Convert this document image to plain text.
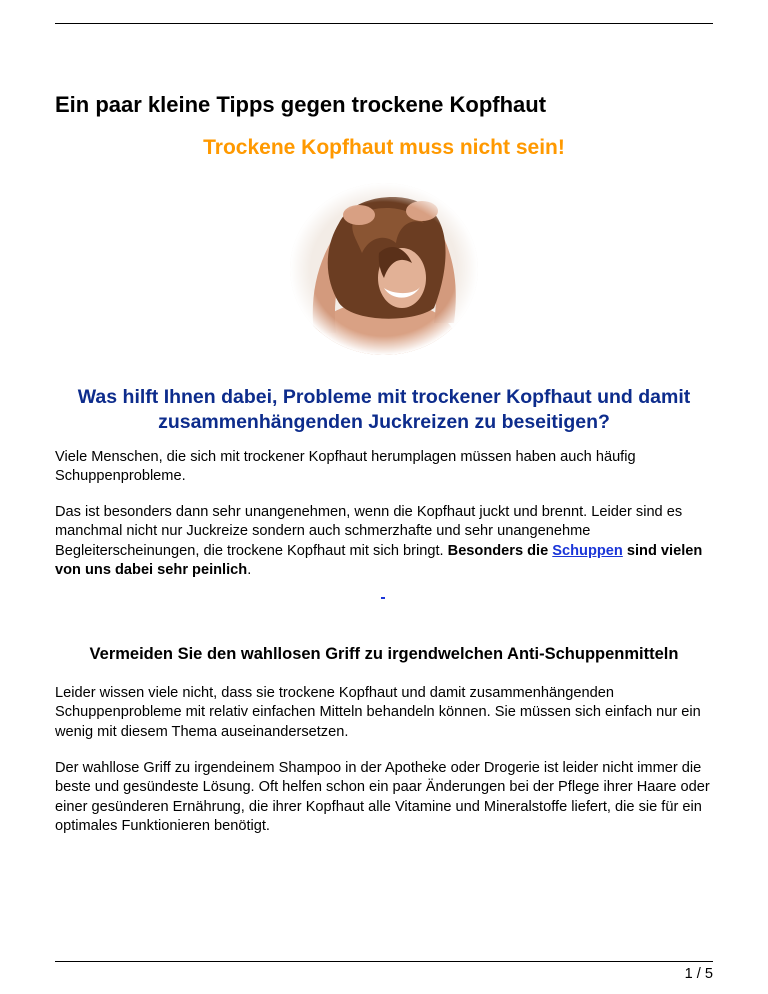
Ein paar kleine Tipps gegen trockene Kopfhaut

Trockene Kopfhaut muss nicht sein!

Was hilft Ihnen dabei, Probleme mit trockener Kopfhaut und damit zusammenhängenden Juckreizen zu beseitigen?

Viele Menschen, die sich mit trockener Kopfhaut herumplagen müssen haben auch häufig Schuppenprobleme.

Das ist besonders dann sehr unangenehmen, wenn die Kopfhaut juckt und brennt. Leider sind es manchmal nicht nur Juckreize sondern auch schmerzhafte und sehr unangenehme Begleiterscheinungen, die trockene Kopfhaut mit sich bringt. Besonders die Schuppen sind vielen von uns dabei sehr peinlich.

Vermeiden Sie den wahllosen Griff zu irgendwelchen Anti-Schuppenmitteln

Leider wissen viele nicht, dass sie trockene Kopfhaut und damit zusammenhängenden Schuppenprobleme mit relativ einfachen Mitteln behandeln können. Sie müssen sich einfach nur ein wenig mit diesem Thema auseinandersetzen.

Der wahllose Griff zu irgendeinem Shampoo in der Apotheke oder Drogerie ist leider nicht immer die beste und gesündeste Lösung. Oft helfen schon ein paar Änderungen bei der Pflege ihrer Haare oder einer gesünderen Ernährung, die ihrer Kopfhaut alle Vitamine und Mineralstoffe liefert, die sie für ein optimales Funktionieren benötigt.

1 / 5
